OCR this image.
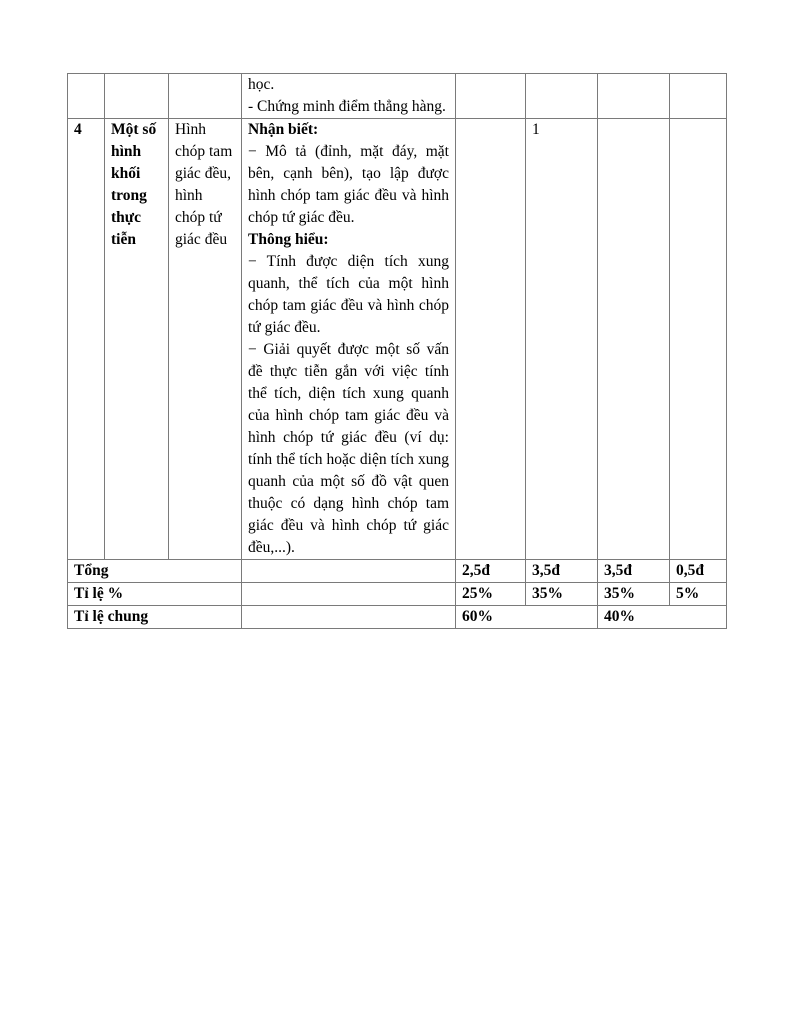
			học.
- Chứng minh điểm thẳng hàng.				

4	Một số hình khối trong thực tiễn	Hình chóp tam giác đều, hình chóp tứ giác đều	Nhận biết:
− Mô tả (đỉnh, mặt đáy, mặt bên, cạnh bên), tạo lập được hình chóp tam giác đều và hình chóp tứ giác đều.
Thông hiểu:
− Tính được diện tích xung quanh, thể tích của một hình chóp tam giác đều và hình chóp tứ giác đều.
− Giải quyết được một số vấn đề thực tiễn gắn với việc tính thể tích, diện tích xung quanh của hình chóp tam giác đều và hình chóp tứ giác đều (ví dụ: tính thể tích hoặc diện tích xung quanh của một số đồ vật quen thuộc có dạng hình chóp tam giác đều và hình chóp tứ giác đều,...).		1		
Tổng				2,5đ	3,5đ	3,5đ	0,5đ
Tỉ lệ %				25%	35%	35%	5%
Tỉ lệ chung				60%		40%	
